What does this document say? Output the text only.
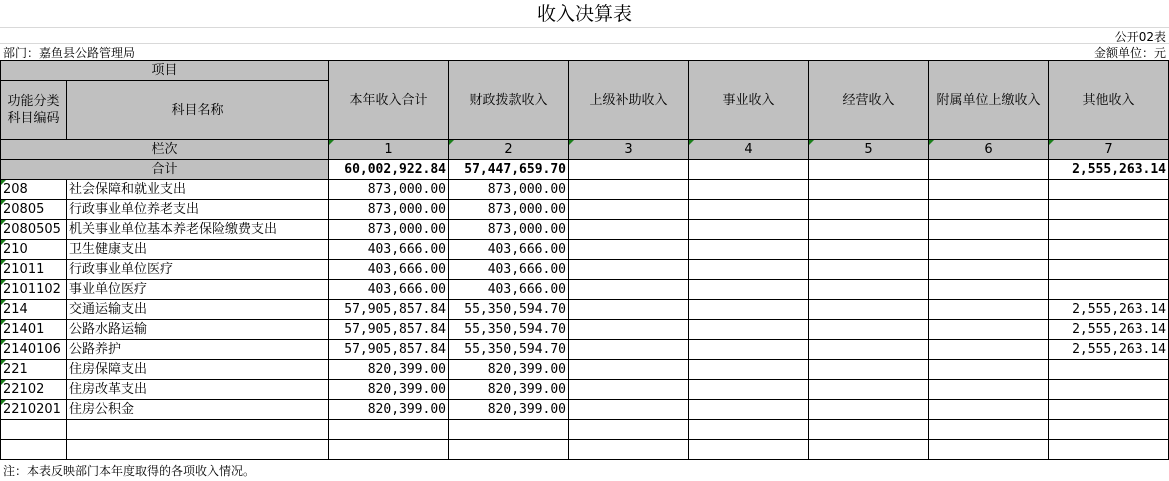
收入决算表
公开02表
部门：嘉鱼县公路管理局	金额单位：元
项目		本年收入合计	财政拨款收入	上级补助收入	事业收入	经营收入	附属单位上缴收入	其他收入
功能分类科目编码	科目名称							
栏次		1	2	3	4	5	6	7
合计		60,002,922.84	57,447,659.70					2,555,263.14
208	社会保障和就业支出	873,000.00	873,000.00					
20805	行政事业单位养老支出	873,000.00	873,000.00					
2080505	机关事业单位基本养老保险缴费支出	873,000.00	873,000.00					
210	卫生健康支出	403,666.00	403,666.00					
21011	行政事业单位医疗	403,666.00	403,666.00					
2101102	事业单位医疗	403,666.00	403,666.00					
214	交通运输支出	57,905,857.84	55,350,594.70					2,555,263.14
21401	公路水路运输	57,905,857.84	55,350,594.70					2,555,263.14
2140106	公路养护	57,905,857.84	55,350,594.70					2,555,263.14
221	住房保障支出	820,399.00	820,399.00					
22102	住房改革支出	820,399.00	820,399.00					
2210201	住房公积金	820,399.00	820,399.00					

注：本表反映部门本年度取得的各项收入情况。
